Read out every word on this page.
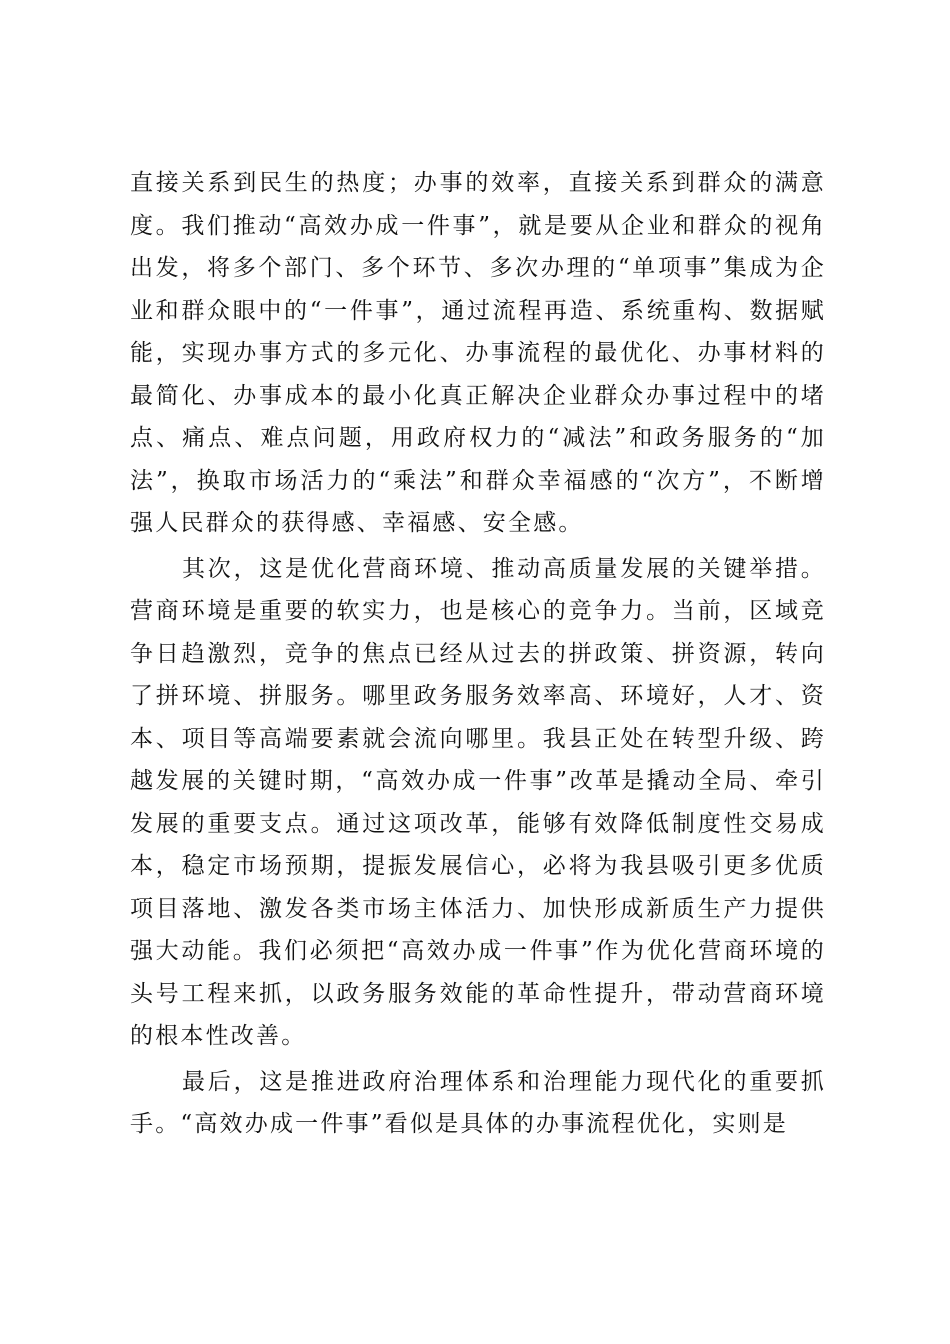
直接关系到民生的热度；办事的效率，直接关系到群众的满意度。我们推动“高效办成一件事”，就是要从企业和群众的视角出发，将多个部门、多个环节、多次办理的“单项事”集成为企业和群众眼中的“一件事”，通过流程再造、系统重构、数据赋能，实现办事方式的多元化、办事流程的最优化、办事材料的最简化、办事成本的最小化真正解决企业群众办事过程中的堵点、痛点、难点问题，用政府权力的“减法”和政务服务的“加法”，换取市场活力的“乘法”和群众幸福感的“次方”，不断增强人民群众的获得感、幸福感、安全感。

其次，这是优化营商环境、推动高质量发展的关键举措。营商环境是重要的软实力，也是核心的竞争力。当前，区域竞争日趋激烈，竞争的焦点已经从过去的拼政策、拼资源，转向了拼环境、拼服务。哪里政务服务效率高、环境好，人才、资本、项目等高端要素就会流向哪里。我县正处在转型升级、跨越发展的关键时期，“高效办成一件事”改革是撬动全局、牵引发展的重要支点。通过这项改革，能够有效降低制度性交易成本，稳定市场预期，提振发展信心，必将为我县吸引更多优质项目落地、激发各类市场主体活力、加快形成新质生产力提供强大动能。我们必须把“高效办成一件事”作为优化营商环境的头号工程来抓，以政务服务效能的革命性提升，带动营商环境的根本性改善。

最后，这是推进政府治理体系和治理能力现代化的重要抓手。“高效办成一件事”看似是具体的办事流程优化，实则是
